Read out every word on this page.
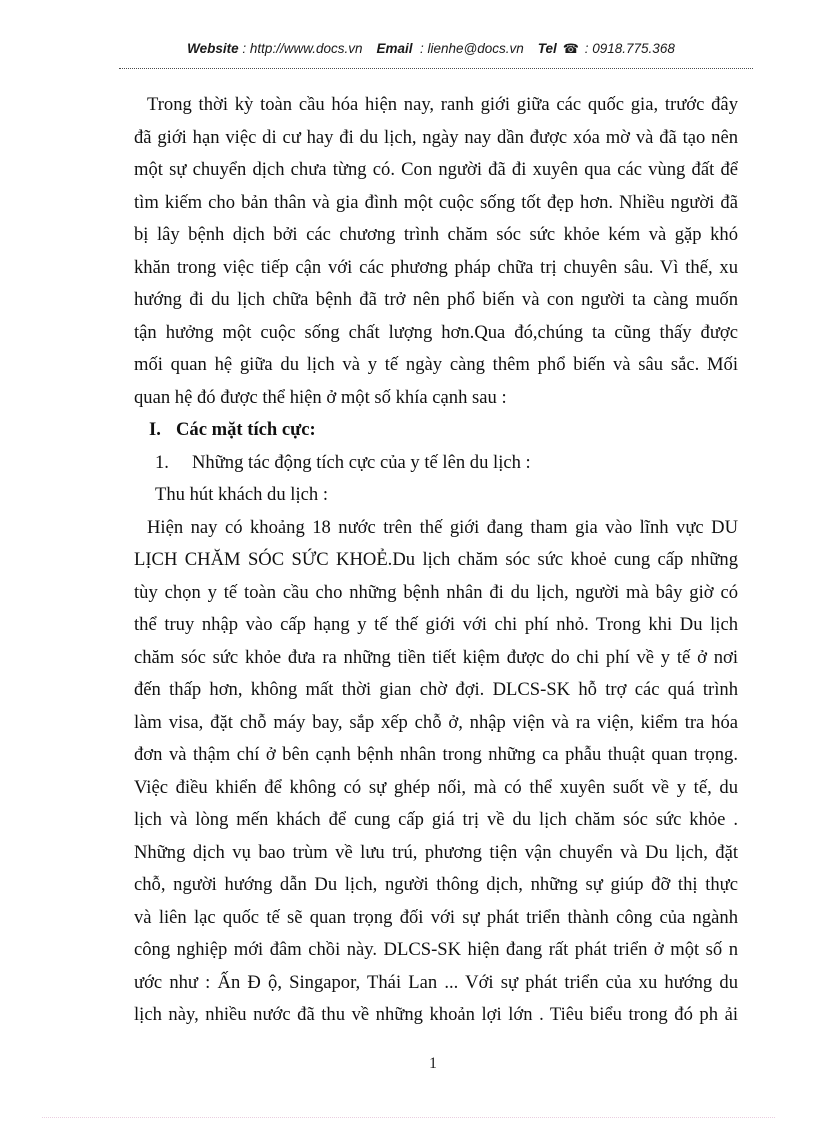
Website : http://www.docs.vn Email : lienhe@docs.vn Tel ☎ : 0918.775.368
Trong thời kỳ toàn cầu hóa hiện nay, ranh giới giữa các quốc gia, trước đây
đã giới hạn việc di cư hay đi du lịch, ngày nay dần được xóa mờ và đã tạo nên
một sự chuyển dịch chưa từng có. Con người đã đi xuyên qua các vùng đất để
tìm kiếm cho bản thân và gia đình một cuộc sống tốt đẹp hơn. Nhiều người đã
bị lây bệnh dịch bởi các chương trình chăm sóc sức khỏe kém và gặp khó
khăn trong việc tiếp cận với các phương pháp chữa trị chuyên sâu. Vì thế, xu
hướng đi du lịch chữa bệnh đã trở nên phổ biến và con người ta càng muốn
tận hưởng một cuộc sống chất lượng hơn.Qua đó,chúng ta cũng thấy được
mối quan hệ giữa du lịch và y tế ngày càng thêm phổ biến và sâu sắc. Mối
quan hệ đó được thể hiện ở một số khía cạnh sau :
I. Các mặt tích cực:
1. Những tác động tích cực của y tế lên du lịch :
Thu hút khách du lịch :
Hiện nay có khoảng 18 nước trên thế giới đang tham gia vào lĩnh vực DU
LỊCH CHĂM SÓC SỨC KHOẺ.Du lịch chăm sóc sức khoẻ cung cấp những
tùy chọn y tế toàn cầu cho những bệnh nhân đi du lịch, người mà bây giờ có
thể truy nhập vào cấp hạng y tế thế giới với chi phí nhỏ. Trong khi Du lịch
chăm sóc sức khỏe đưa ra những tiền tiết kiệm được do chi phí về y tế ở nơi
đến thấp hơn, không mất thời gian chờ đợi. DLCS-SK hỗ trợ các quá trình
làm visa, đặt chỗ máy bay, sắp xếp chỗ ở, nhập viện và ra viện, kiểm tra hóa
đơn và thậm chí ở bên cạnh bệnh nhân trong những ca phẫu thuật quan trọng.
Việc điều khiển để không có sự ghép nối, mà có thể xuyên suốt về y tế, du
lịch và lòng mến khách để cung cấp giá trị về du lịch chăm sóc sức khỏe .
Những dịch vụ bao trùm về lưu trú, phương tiện vận chuyển và Du lịch, đặt
chỗ, người hướng dẫn Du lịch, người thông dịch, những sự giúp đỡ thị thực
và liên lạc quốc tế sẽ quan trọng đối với sự phát triển thành công của ngành
công nghiệp mới đâm chồi này. DLCS-SK hiện đang rất phát triển ở một số n
ước như : Ấn Đ ộ, Singapor, Thái Lan ... Với sự phát triển của xu hướng du
lịch này, nhiều nước đã thu về những khoản lợi lớn . Tiêu biểu trong đó ph ải
1
